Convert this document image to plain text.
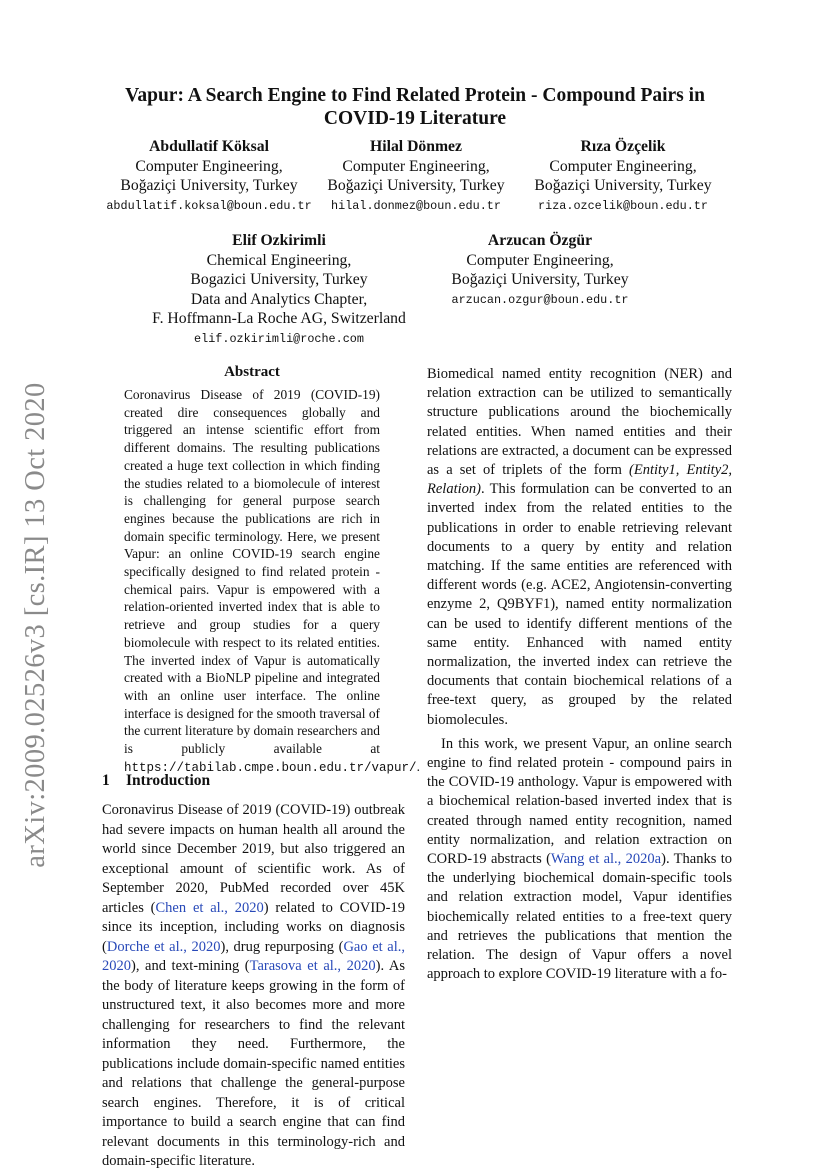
arXiv:2009.02526v3 [cs.IR] 13 Oct 2020
Vapur: A Search Engine to Find Related Protein - Compound Pairs in COVID-19 Literature
Abdullatif Köksal
Computer Engineering,
Boğaziçi University, Turkey
abdullatif.koksal@boun.edu.tr
Hilal Dönmez
Computer Engineering,
Boğaziçi University, Turkey
hilal.donmez@boun.edu.tr
Rıza Özçelik
Computer Engineering,
Boğaziçi University, Turkey
riza.ozcelik@boun.edu.tr
Elif Ozkirimli
Chemical Engineering,
Bogazici University, Turkey
Data and Analytics Chapter,
F. Hoffmann-La Roche AG, Switzerland
elif.ozkirimli@roche.com
Arzucan Özgür
Computer Engineering,
Boğaziçi University, Turkey
arzucan.ozgur@boun.edu.tr
Abstract
Coronavirus Disease of 2019 (COVID-19) created dire consequences globally and triggered an intense scientific effort from different domains. The resulting publications created a huge text collection in which finding the studies related to a biomolecule of interest is challenging for general purpose search engines because the publications are rich in domain specific terminology. Here, we present Vapur: an online COVID-19 search engine specifically designed to find related protein - chemical pairs. Vapur is empowered with a relation-oriented inverted index that is able to retrieve and group studies for a query biomolecule with respect to its related entities. The inverted index of Vapur is automatically created with a BioNLP pipeline and integrated with an online user interface. The online interface is designed for the smooth traversal of the current literature by domain researchers and is publicly available at https://tabilab.cmpe.boun.edu.tr/vapur/.
1 Introduction
Coronavirus Disease of 2019 (COVID-19) outbreak had severe impacts on human health all around the world since December 2019, but also triggered an exceptional amount of scientific work. As of September 2020, PubMed recorded over 45K articles (Chen et al., 2020) related to COVID-19 since its inception, including works on diagnosis (Dorche et al., 2020), drug repurposing (Gao et al., 2020), and text-mining (Tarasova et al., 2020). As the body of literature keeps growing in the form of unstructured text, it also becomes more and more challenging for researchers to find the relevant information they need. Furthermore, the publications include domain-specific named entities and relations that challenge the general-purpose search engines. Therefore, it is of critical importance to build a search engine that can find relevant documents in this terminology-rich and domain-specific literature.

Biomedical named entity recognition (NER) and relation extraction can be utilized to semantically structure publications around the biochemically related entities. When named entities and their relations are extracted, a document can be expressed as a set of triplets of the form (Entity1, Entity2, Relation). This formulation can be converted to an inverted index from the related entities to the publications in order to enable retrieving relevant documents to a query by entity and relation matching. If the same entities are referenced with different words (e.g. ACE2, Angiotensin-converting enzyme 2, Q9BYF1), named entity normalization can be used to identify different mentions of the same entity. Enhanced with named entity normalization, the inverted index can retrieve the documents that contain biochemical relations of a free-text query, as grouped by the related biomolecules.

In this work, we present Vapur, an online search engine to find related protein - compound pairs in the COVID-19 anthology. Vapur is empowered with a biochemical relation-based inverted index that is created through named entity recognition, named entity normalization, and relation extraction on CORD-19 abstracts (Wang et al., 2020a). Thanks to the underlying biochemical domain-specific tools and relation extraction model, Vapur identifies biochemically related entities to a free-text query and retrieves the publications that mention the relation. The design of Vapur offers a novel approach to explore COVID-19 literature with a fo-
